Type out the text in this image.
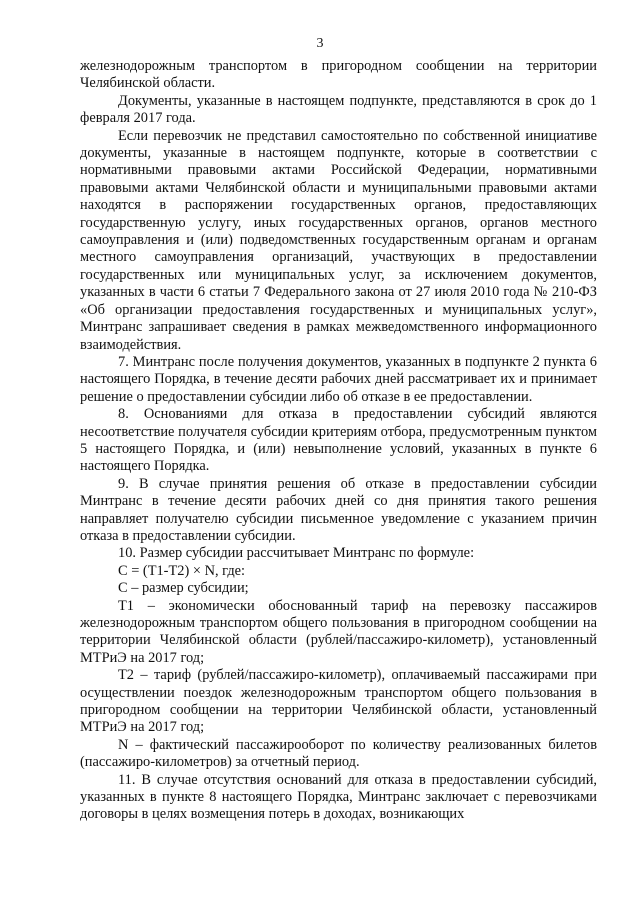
3

железнодорожным транспортом в пригородном сообщении на территории Челябинской области.

Документы, указанные в настоящем подпункте, представляются в срок до 1 февраля 2017 года.

Если перевозчик не представил самостоятельно по собственной инициативе документы, указанные в настоящем подпункте, которые в соответствии с нормативными правовыми актами Российской Федерации, нормативными правовыми актами Челябинской области и муниципальными правовыми актами находятся в распоряжении государственных органов, предоставляющих государственную услугу, иных государственных органов, органов местного самоуправления и (или) подведомственных государственным органам и органам местного самоуправления организаций, участвующих в предоставлении государственных или муниципальных услуг, за исключением документов, указанных в части 6 статьи 7 Федерального закона от 27 июля 2010 года № 210-ФЗ «Об организации предоставления государственных и муниципальных услуг», Минтранс запрашивает сведения в рамках межведомственного информационного взаимодействия.

7. Минтранс после получения документов, указанных в подпункте 2 пункта 6 настоящего Порядка, в течение десяти рабочих дней рассматривает их и принимает решение о предоставлении субсидии либо об отказе в ее предоставлении.

8. Основаниями для отказа в предоставлении субсидий являются несоответствие получателя субсидии критериям отбора, предусмотренным пунктом 5 настоящего Порядка, и (или) невыполнение условий, указанных в пункте 6 настоящего Порядка.

9. В случае принятия решения об отказе в предоставлении субсидии Минтранс в течение десяти рабочих дней со дня принятия такого решения направляет получателю субсидии письменное уведомление с указанием причин отказа в предоставлении субсидии.

10. Размер субсидии рассчитывает Минтранс по формуле:

С = (Т1-Т2) × N, где:

С – размер субсидии;

Т1 – экономически обоснованный тариф на перевозку пассажиров железнодорожным транспортом общего пользования в пригородном сообщении на территории Челябинской области (рублей/пассажиро-километр), установленный МТРиЭ на 2017 год;

Т2 – тариф (рублей/пассажиро-километр), оплачиваемый пассажирами при осуществлении поездок железнодорожным транспортом общего пользования в пригородном сообщении на территории Челябинской области, установленный МТРиЭ на 2017 год;

N – фактический пассажирооборот по количеству реализованных билетов (пассажиро-километров) за отчетный период.

11. В случае отсутствия оснований для отказа в предоставлении субсидий, указанных в пункте 8 настоящего Порядка, Минтранс заключает с перевозчиками договоры в целях возмещения потерь в доходах, возникающих
